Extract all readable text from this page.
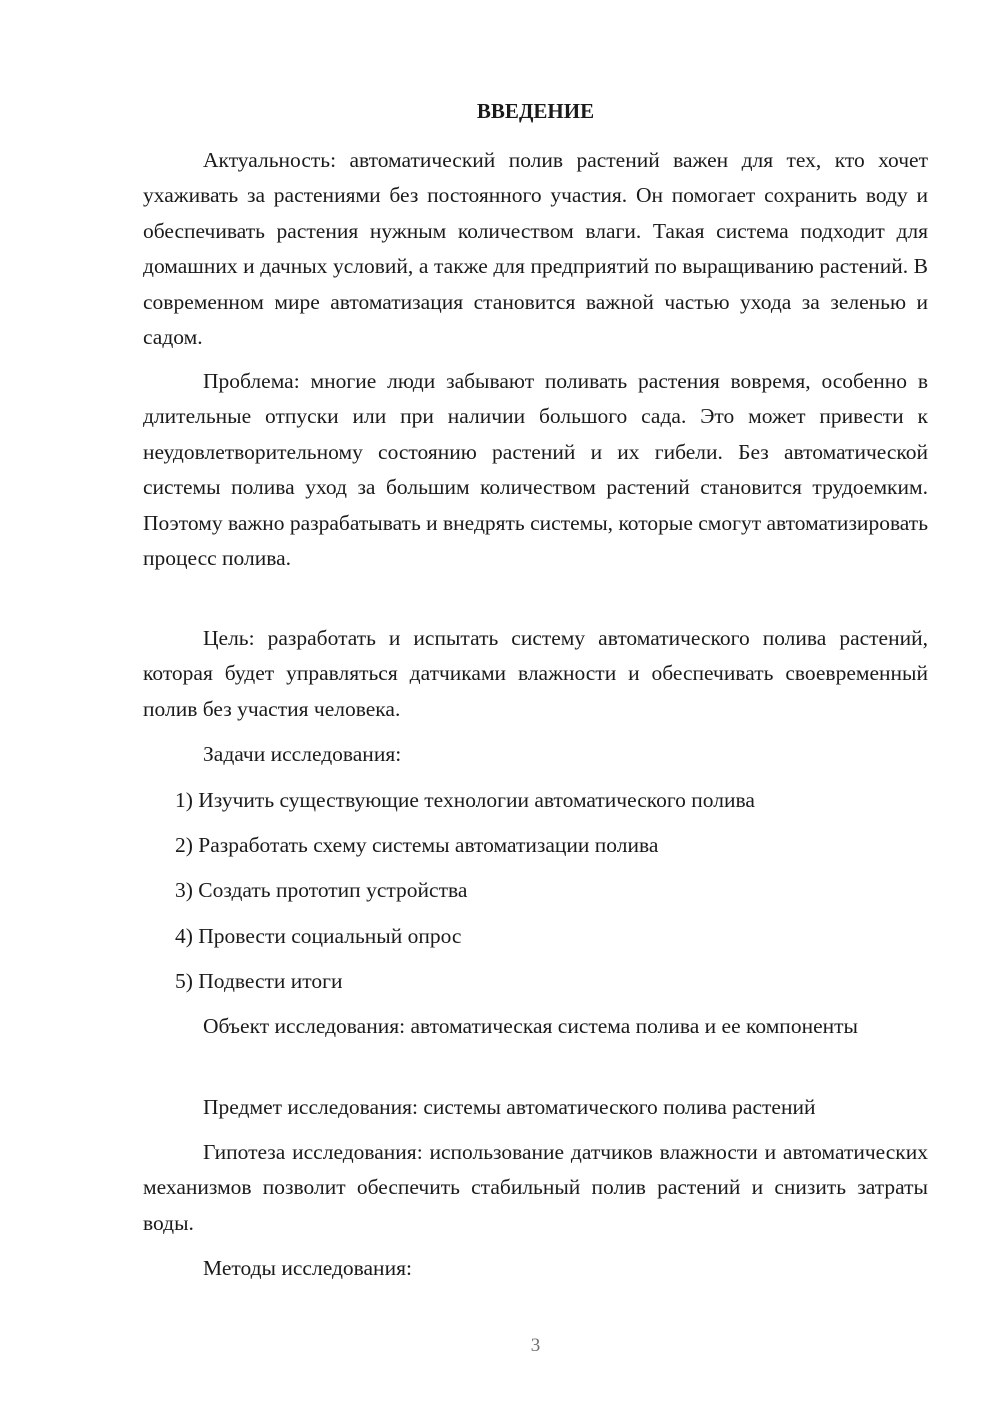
ВВЕДЕНИЕ

Актуальность: автоматический полив растений важен для тех, кто хочет ухаживать за растениями без постоянного участия. Он помогает сохранить воду и обеспечивать растения нужным количеством влаги. Такая система подходит для домашних и дачных условий, а также для предприятий по выращиванию растений. В современном мире автоматизация становится важной частью ухода за зеленью и садом.

Проблема: многие люди забывают поливать растения вовремя, особенно в длительные отпуски или при наличии большого сада. Это может привести к неудовлетворительному состоянию растений и их гибели. Без автоматической системы полива уход за большим количеством растений становится трудоемким. Поэтому важно разрабатывать и внедрять системы, которые смогут автоматизировать процесс полива.

Цель: разработать и испытать систему автоматического полива растений, которая будет управляться датчиками влажности и обеспечивать своевременный полив без участия человека.

Задачи исследования:

1) Изучить существующие технологии автоматического полива

2) Разработать схему системы автоматизации полива

3) Создать прототип устройства

4) Провести социальный опрос

5) Подвести итоги

Объект исследования: автоматическая система полива и ее компоненты

Предмет исследования: системы автоматического полива растений

Гипотеза исследования: использование датчиков влажности и автоматических механизмов позволит обеспечить стабильный полив растений и снизить затраты воды.

Методы исследования:

3
